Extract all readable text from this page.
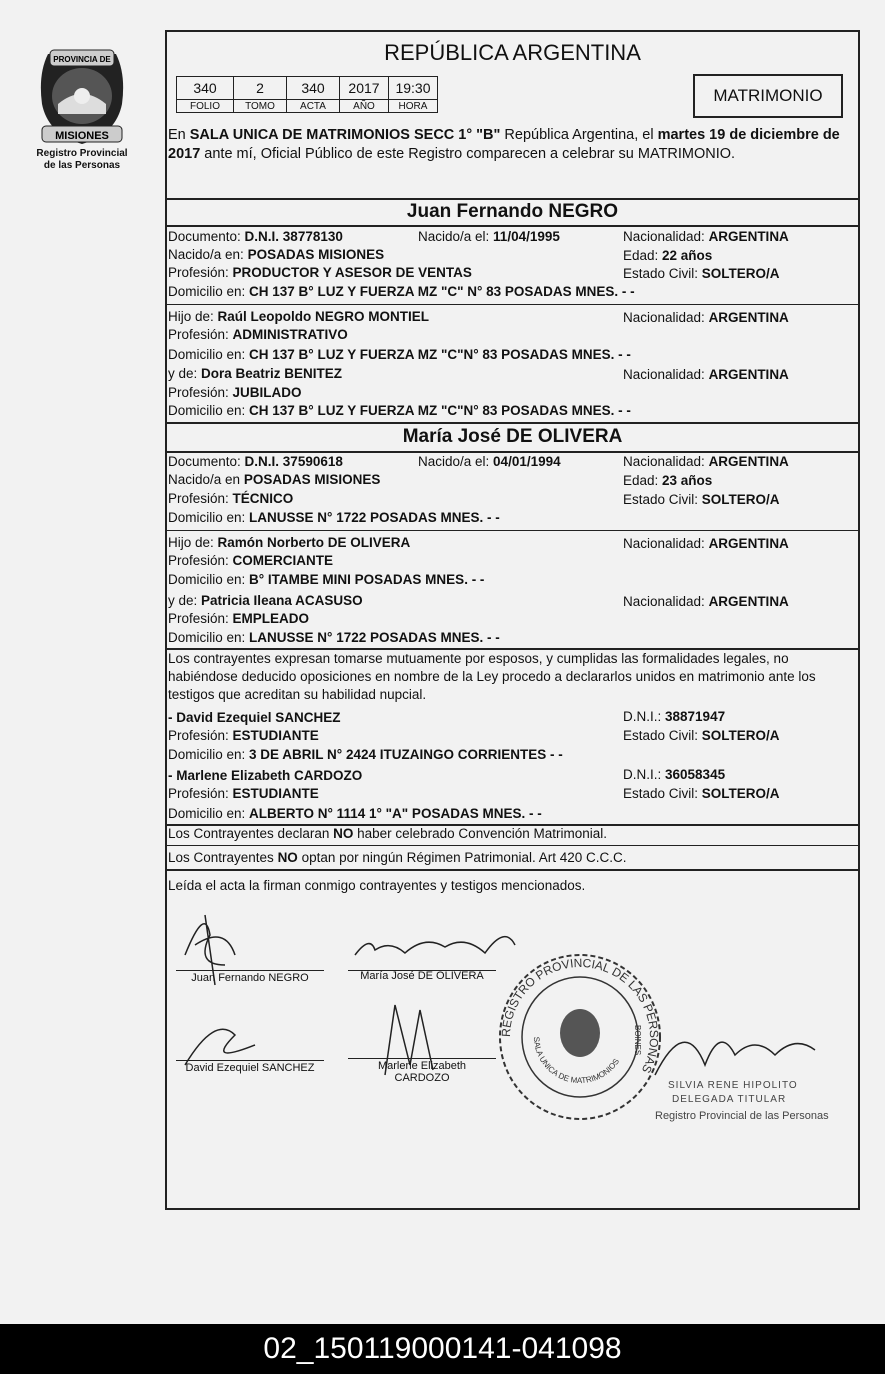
PROVINCIA DE
MISIONES
Registro Provincial
de las Personas
REPÚBLICA ARGENTINA
340	2	340	2017	19:30
FOLIO	TOMO	ACTA	AÑO	HORA
MATRIMONIO
En SALA UNICA DE MATRIMONIOS SECC 1° "B" República Argentina, el martes 19 de diciembre de 2017 ante mí, Oficial Público de este Registro comparecen a celebrar su MATRIMONIO.
Juan Fernando NEGRO
Documento: D.N.I. 38778130	Nacido/a el: 11/04/1995	Nacionalidad: ARGENTINA
Nacido/a en: POSADAS MISIONES	Edad: 22 años
Profesión: PRODUCTOR Y ASESOR DE VENTAS	Estado Civil: SOLTERO/A
Domicilio en: CH 137 B° LUZ Y FUERZA MZ "C" N° 83 POSADAS MNES. - -
Hijo de: Raúl Leopoldo NEGRO MONTIEL	Nacionalidad: ARGENTINA
Profesión: ADMINISTRATIVO
Domicilio en: CH 137 B° LUZ Y FUERZA MZ "C"N° 83 POSADAS MNES. - -
y de: Dora Beatriz BENITEZ	Nacionalidad: ARGENTINA
Profesión: JUBILADO
Domicilio en: CH 137 B° LUZ Y FUERZA MZ "C"N° 83 POSADAS MNES. - -
María José DE OLIVERA
Documento: D.N.I. 37590618	Nacido/a el: 04/01/1994	Nacionalidad: ARGENTINA
Nacido/a en POSADAS MISIONES	Edad: 23 años
Profesión: TÉCNICO	Estado Civil: SOLTERO/A
Domicilio en: LANUSSE N° 1722 POSADAS MNES. - -
Hijo de: Ramón Norberto DE OLIVERA	Nacionalidad: ARGENTINA
Profesión: COMERCIANTE
Domicilio en: B° ITAMBE MINI POSADAS MNES. - -
y de: Patricia Ileana ACASUSO	Nacionalidad: ARGENTINA
Profesión: EMPLEADO
Domicilio en: LANUSSE N° 1722 POSADAS MNES. - -
Los contrayentes expresan tomarse mutuamente por esposos, y cumplidas las formalidades legales, no habiéndose deducido oposiciones en nombre de la Ley procedo a declararlos unidos en matrimonio ante los testigos que acreditan su habilidad nupcial.
- David Ezequiel SANCHEZ	D.N.I.: 38871947
Profesión: ESTUDIANTE	Estado Civil: SOLTERO/A
Domicilio en: 3 DE ABRIL N° 2424 ITUZAINGO CORRIENTES - -
- Marlene Elizabeth CARDOZO	D.N.I.: 36058345
Profesión: ESTUDIANTE	Estado Civil: SOLTERO/A
Domicilio en: ALBERTO N° 1114 1° "A" POSADAS MNES. - -
Los Contrayentes declaran NO haber celebrado Convención Matrimonial.
Los Contrayentes NO optan por ningún Régimen Patrimonial. Art 420 C.C.C.
Leída el acta la firman conmigo contrayentes y testigos mencionados.
Juan Fernando NEGRO	María José DE OLIVERA
David Ezequiel SANCHEZ	Marlene Elizabeth
CARDOZO
REGISTRO PROVINCIAL DE LAS PERSONAS
SALA UNICA DE MATRIMONIOS
BOINES
SILVIA RENE HIPOLITO
DELEGADA TITULAR
Registro Provincial de las Personas
02_150119000141-041098
